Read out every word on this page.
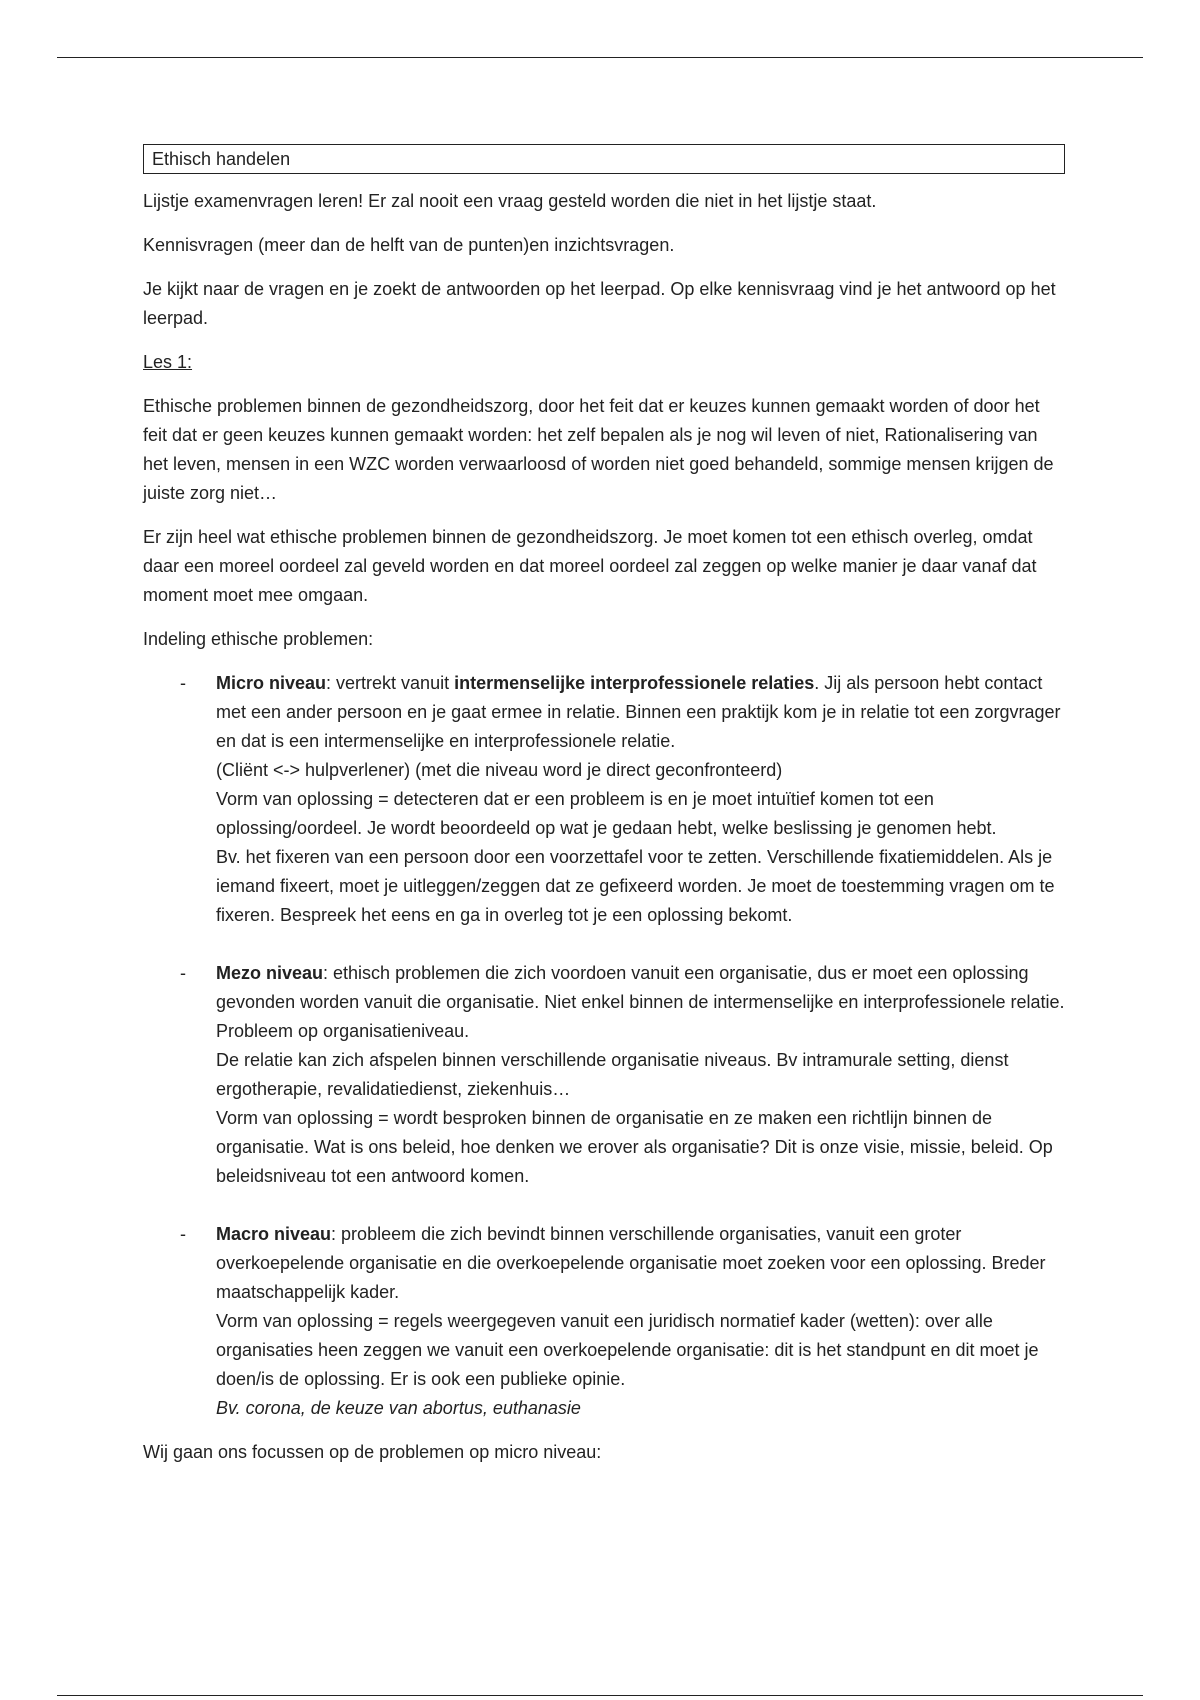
Ethisch handelen

Lijstje examenvragen leren! Er zal nooit een vraag gesteld worden die niet in het lijstje staat.

Kennisvragen (meer dan de helft van de punten)en inzichtsvragen.

Je kijkt naar de vragen en je zoekt de antwoorden op het leerpad. Op elke kennisvraag vind je het antwoord op het leerpad.

Les 1:

Ethische problemen binnen de gezondheidszorg, door het feit dat er keuzes kunnen gemaakt worden of door het feit dat er geen keuzes kunnen gemaakt worden: het zelf bepalen als je nog wil leven of niet, Rationalisering van het leven, mensen in een WZC worden verwaarloosd of worden niet goed behandeld, sommige mensen krijgen de juiste zorg niet…

Er zijn heel wat ethische problemen binnen de gezondheidszorg. Je moet komen tot een ethisch overleg, omdat daar een moreel oordeel zal geveld worden en dat moreel oordeel zal zeggen op welke manier je daar vanaf dat moment moet mee omgaan.

Indeling ethische problemen:

- Micro niveau: vertrekt vanuit intermenselijke interprofessionele relaties. Jij als persoon hebt contact met een ander persoon en je gaat ermee in relatie. Binnen een praktijk kom je in relatie tot een zorgvrager en dat is een intermenselijke en interprofessionele relatie.
(Cliënt <-> hulpverlener) (met die niveau word je direct geconfronteerd)
Vorm van oplossing = detecteren dat er een probleem is en je moet intuïtief komen tot een oplossing/oordeel. Je wordt beoordeeld op wat je gedaan hebt, welke beslissing je genomen hebt.
Bv. het fixeren van een persoon door een voorzettafel voor te zetten. Verschillende fixatiemiddelen. Als je iemand fixeert, moet je uitleggen/zeggen dat ze gefixeerd worden. Je moet de toestemming vragen om te fixeren. Bespreek het eens en ga in overleg tot je een oplossing bekomt.
- Mezo niveau: ethisch problemen die zich voordoen vanuit een organisatie, dus er moet een oplossing gevonden worden vanuit die organisatie. Niet enkel binnen de intermenselijke en interprofessionele relatie. Probleem op organisatieniveau.
De relatie kan zich afspelen binnen verschillende organisatie niveaus. Bv intramurale setting, dienst ergotherapie, revalidatiedienst, ziekenhuis…
Vorm van oplossing = wordt besproken binnen de organisatie en ze maken een richtlijn binnen de organisatie. Wat is ons beleid, hoe denken we erover als organisatie? Dit is onze visie, missie, beleid. Op beleidsniveau tot een antwoord komen.
- Macro niveau: probleem die zich bevindt binnen verschillende organisaties, vanuit een groter overkoepelende organisatie en die overkoepelende organisatie moet zoeken voor een oplossing. Breder maatschappelijk kader.
Vorm van oplossing = regels weergegeven vanuit een juridisch normatief kader (wetten): over alle organisaties heen zeggen we vanuit een overkoepelende organisatie: dit is het standpunt en dit moet je doen/is de oplossing. Er is ook een publieke opinie.
Bv. corona, de keuze van abortus, euthanasie

Wij gaan ons focussen op de problemen op micro niveau:
